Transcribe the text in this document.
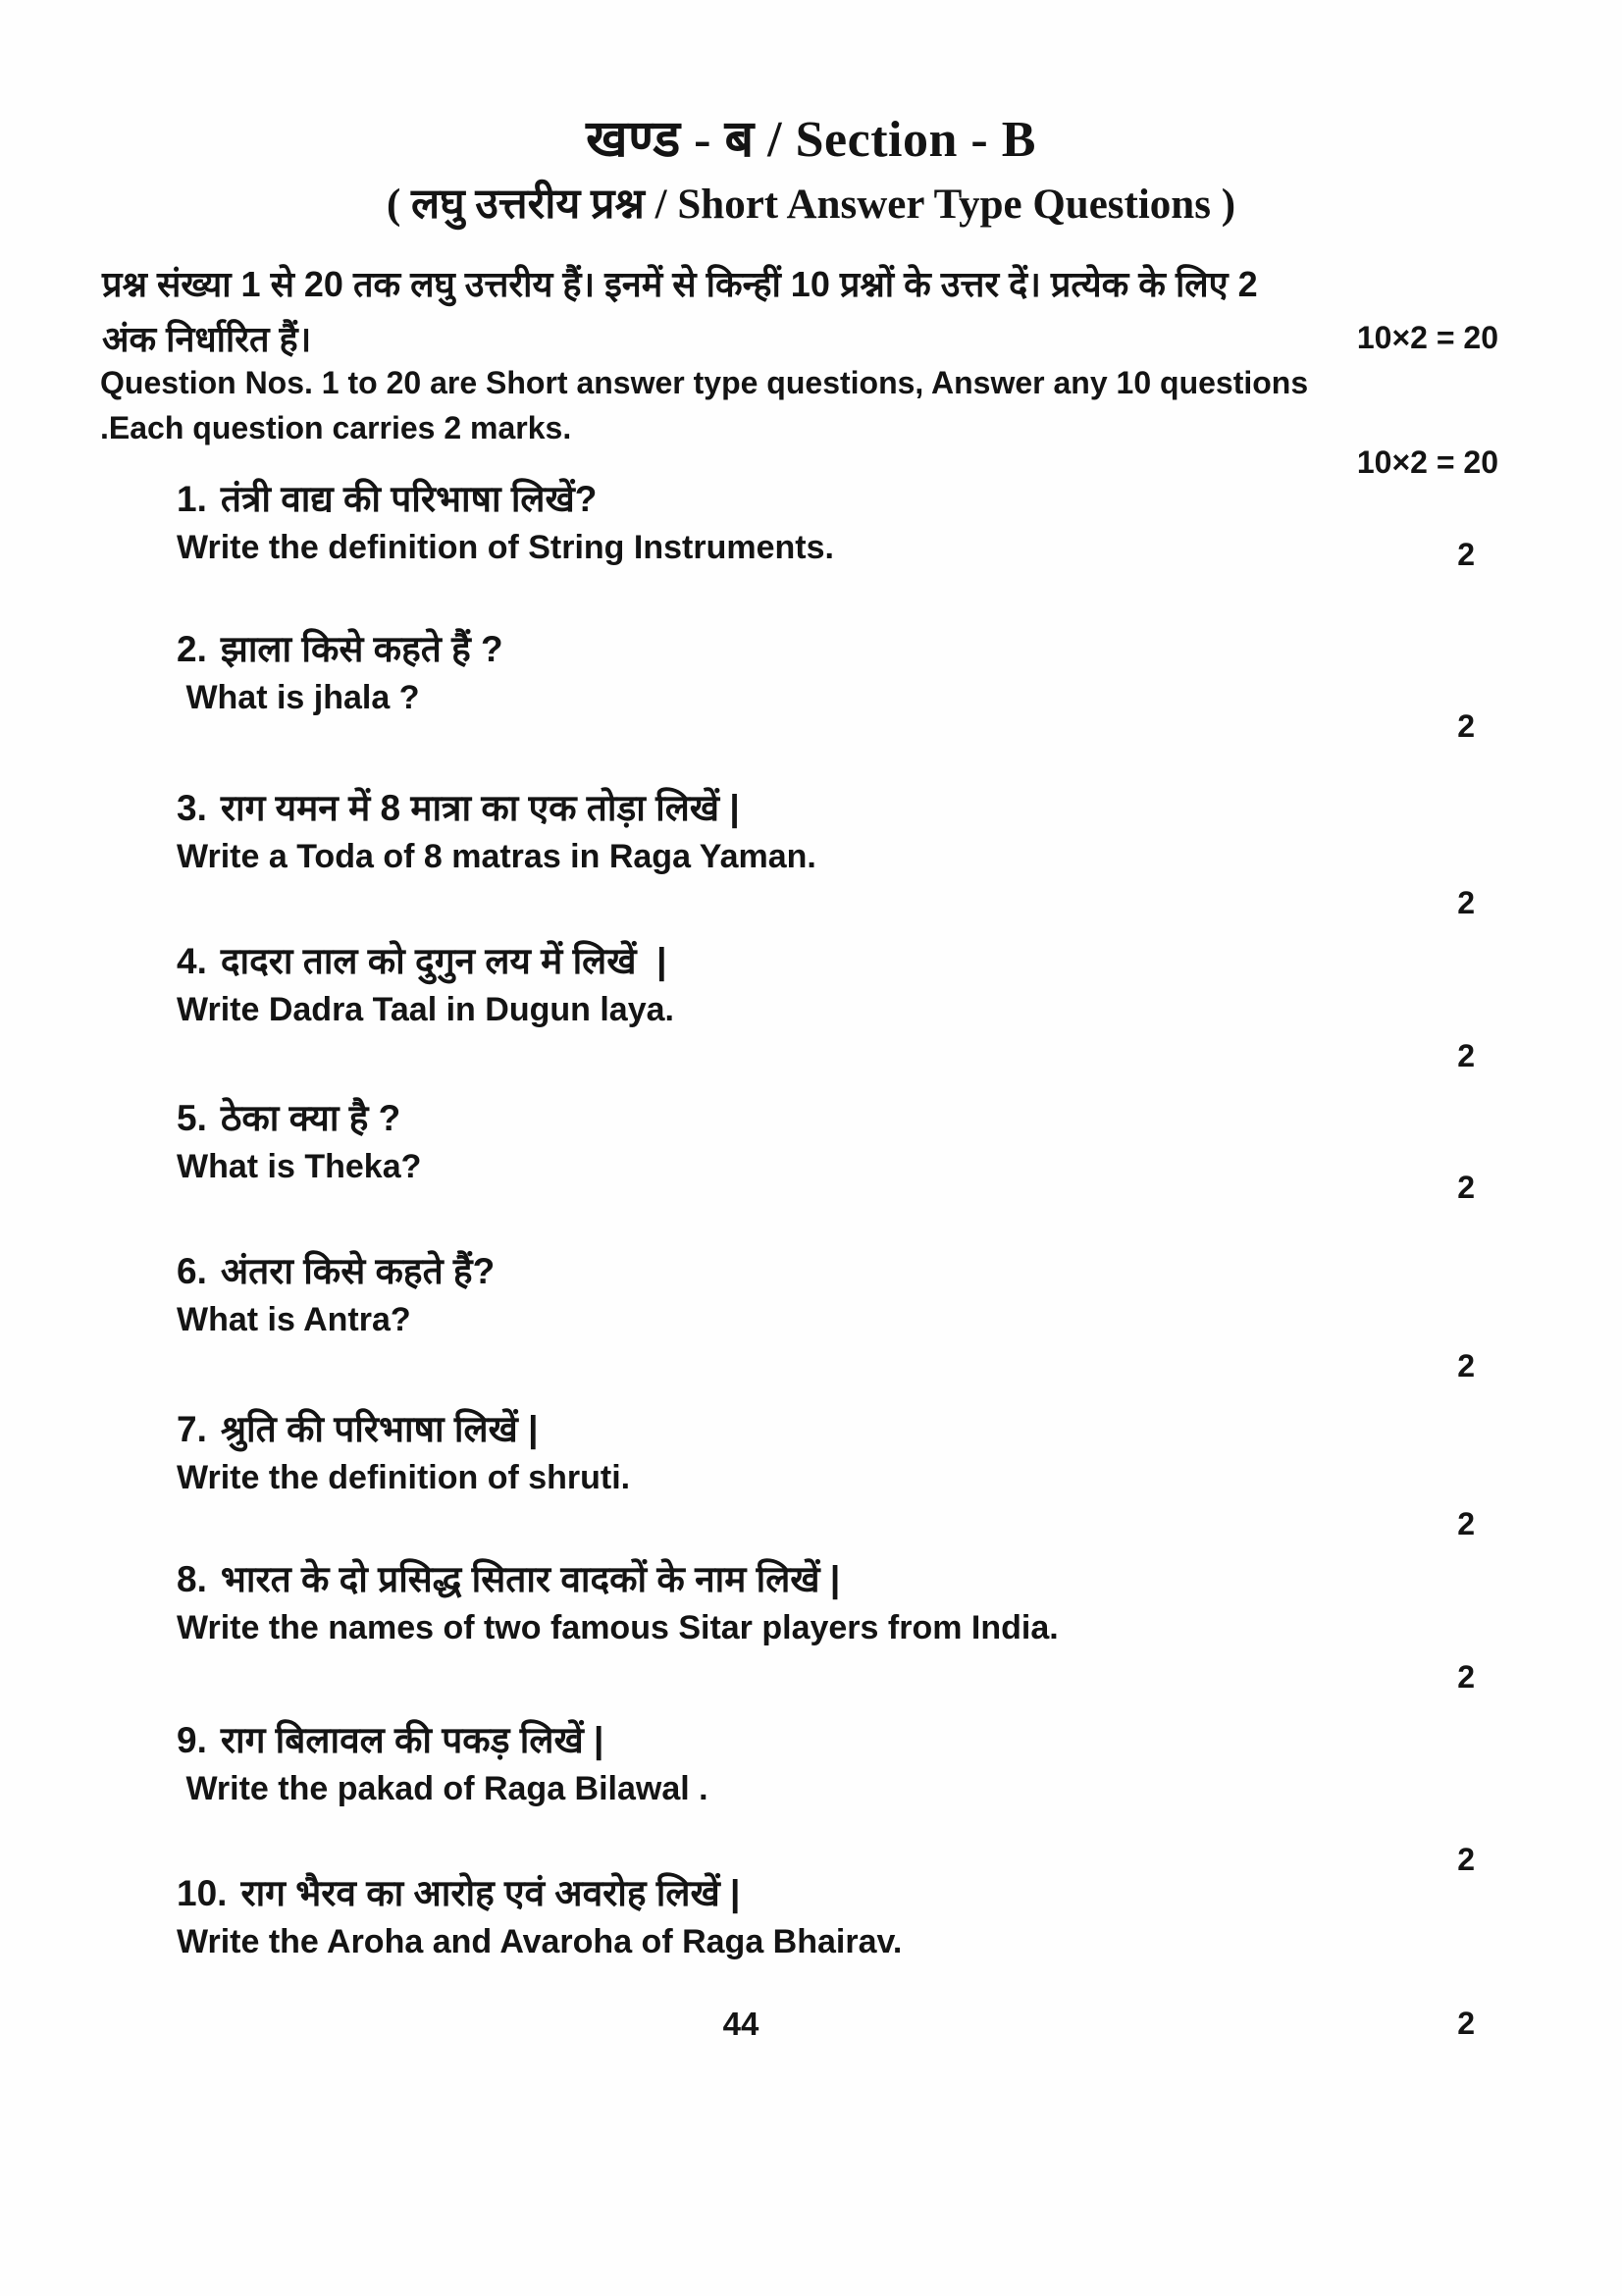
खण्ड - ब / Section - B
( लघु उत्तरीय प्रश्न / Short Answer Type Questions )
प्रश्न संख्या 1 से 20 तक लघु उत्तरीय हैं। इनमें से किन्हीं 10 प्रश्नों के उत्तर दें। प्रत्येक के लिए 2
अंक निर्धारित हैं।	10×2 = 20
Question Nos. 1 to 20 are Short answer type questions, Answer any 10 questions
.Each question carries 2 marks.
10×2 = 20
1. तंत्री वाद्य की परिभाषा लिखें?
Write the definition of String Instruments.	2
2. झाला किसे कहते हैं ?
What is jhala ?
2
3. राग यमन में 8 मात्रा का एक तोड़ा लिखें |
Write a Toda of 8 matras in Raga Yaman.
2
4. दादरा ताल को दुगुन लय में लिखें  |
Write Dadra Taal in Dugun laya.
2
5. ठेका क्या है ?
What is Theka?
2
6. अंतरा किसे कहते हैं?
What is Antra?
2
7. श्रुति की परिभाषा लिखें |
Write the definition of shruti.
2
8. भारत के दो प्रसिद्ध सितार वादकों के नाम लिखें |
Write the names of two famous Sitar players from India.
2
9. राग बिलावल की पकड़ लिखें |
Write the pakad of Raga Bilawal .
2
10. राग भैरव का आरोह एवं अवरोह लिखें |
Write the Aroha and Avaroha of Raga Bhairav.
2
44
